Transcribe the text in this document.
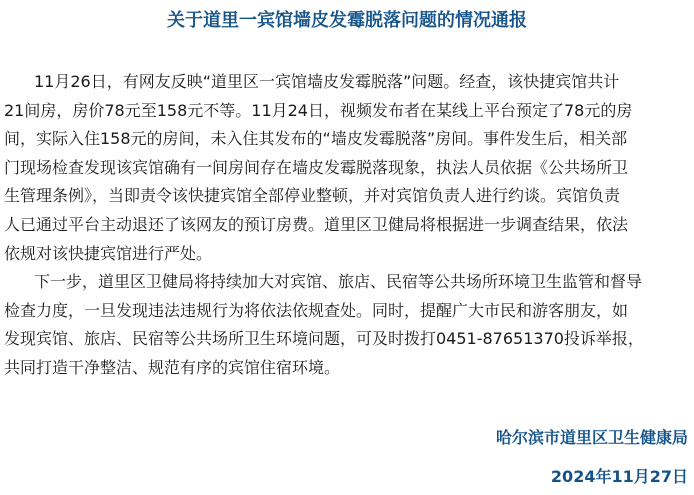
关于道里一宾馆墙皮发霉脱落问题的情况通报
11月26日，有网友反映“道里区一宾馆墙皮发霉脱落”问题。经查，该快捷宾馆共计
21间房，房价78元至158元不等。11月24日，视频发布者在某线上平台预定了78元的房
间，实际入住158元的房间，未入住其发布的“墙皮发霉脱落”房间。事件发生后，相关部
门现场检查发现该宾馆确有一间房间存在墙皮发霉脱落现象，执法人员依据《公共场所卫
生管理条例》，当即责令该快捷宾馆全部停业整顿，并对宾馆负责人进行约谈。宾馆负责
人已通过平台主动退还了该网友的预订房费。道里区卫健局将根据进一步调查结果，依法
依规对该快捷宾馆进行严处。
下一步，道里区卫健局将持续加大对宾馆、旅店、民宿等公共场所环境卫生监管和督导
检查力度，一旦发现违法违规行为将依法依规查处。同时，提醒广大市民和游客朋友，如
发现宾馆、旅店、民宿等公共场所卫生环境问题，可及时拨打0451-87651370投诉举报，
共同打造干净整洁、规范有序的宾馆住宿环境。
哈尔滨市道里区卫生健康局
2024年11月27日
